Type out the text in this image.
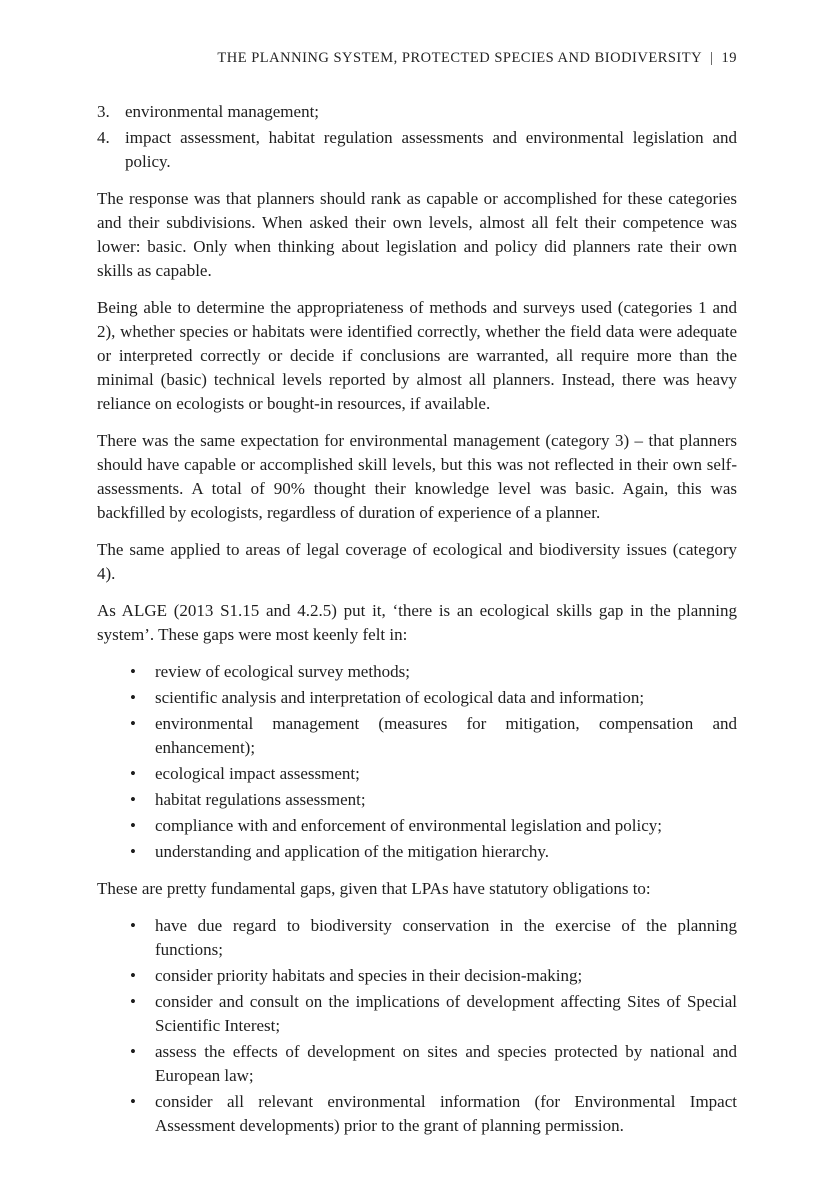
THE PLANNING SYSTEM, PROTECTED SPECIES AND BIODIVERSITY | 19
3. environmental management;
4. impact assessment, habitat regulation assessments and environmental legislation and policy.

The response was that planners should rank as capable or accomplished for these categories and their subdivisions. When asked their own levels, almost all felt their competence was lower: basic. Only when thinking about legislation and policy did planners rate their own skills as capable.

Being able to determine the appropriateness of methods and surveys used (categories 1 and 2), whether species or habitats were identified correctly, whether the field data were adequate or interpreted correctly or decide if conclusions are warranted, all require more than the minimal (basic) technical levels reported by almost all planners. Instead, there was heavy reliance on ecologists or bought-in resources, if available.

There was the same expectation for environmental management (category 3) – that planners should have capable or accomplished skill levels, but this was not reflected in their own self-assessments. A total of 90% thought their knowledge level was basic. Again, this was backfilled by ecologists, regardless of duration of experience of a planner.

The same applied to areas of legal coverage of ecological and biodiversity issues (category 4).

As ALGE (2013 S1.15 and 4.2.5) put it, ‘there is an ecological skills gap in the planning system’. These gaps were most keenly felt in:

•	review of ecological survey methods;
•	scientific analysis and interpretation of ecological data and information;
•	environmental management (measures for mitigation, compensation and enhancement);
•	ecological impact assessment;
•	habitat regulations assessment;
•	compliance with and enforcement of environmental legislation and policy;
•	understanding and application of the mitigation hierarchy.

These are pretty fundamental gaps, given that LPAs have statutory obligations to:

•	have due regard to biodiversity conservation in the exercise of the planning functions;
•	consider priority habitats and species in their decision-making;
•	consider and consult on the implications of development affecting Sites of Special Scientific Interest;
•	assess the effects of development on sites and species protected by national and European law;
•	consider all relevant environmental information (for Environmental Impact Assessment developments) prior to the grant of planning permission.
